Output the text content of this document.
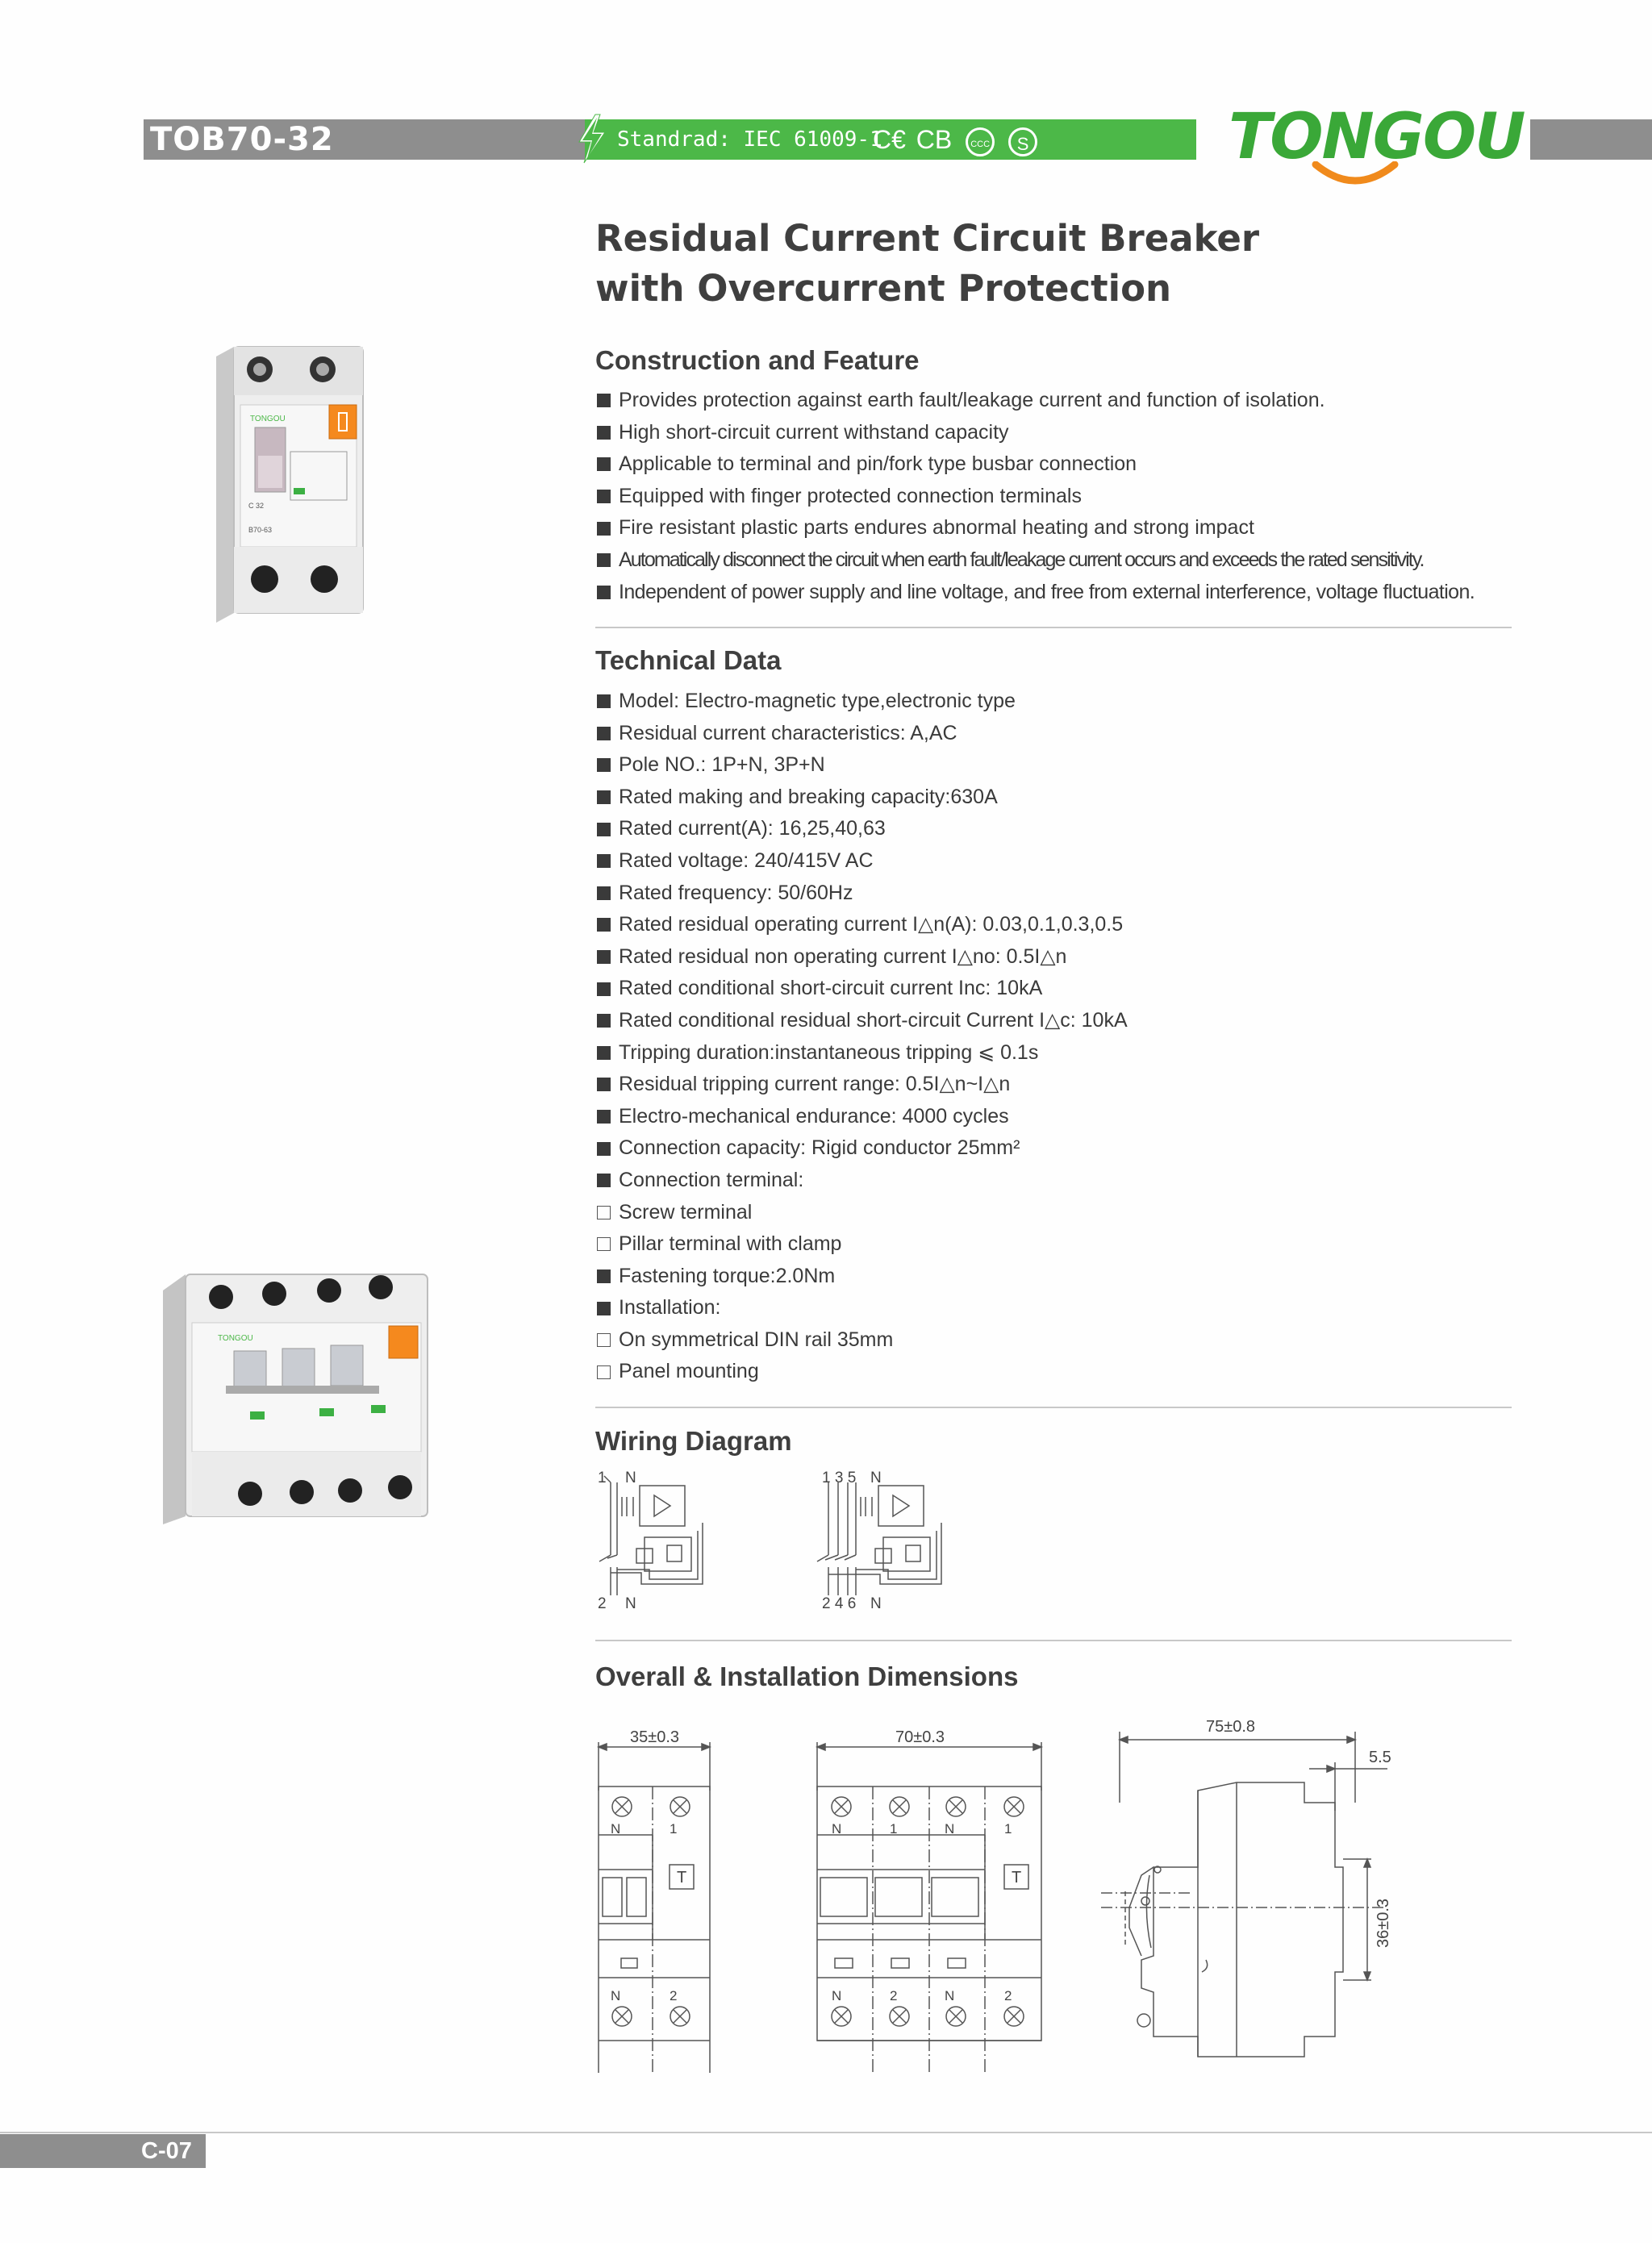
TOB70-32	Standrad: IEC 61009-1
C€ CB CCC S	TONGOU
Residual Current Circuit Breaker
with Overcurrent Protection
TONGOU
C 32
B70-63
TONGOU
Construction and Feature
Provides protection against earth fault/leakage current and function of isolation.
High short-circuit current withstand capacity
Applicable to terminal and pin/fork type busbar connection
Equipped with finger protected connection terminals
Fire resistant plastic parts endures abnormal heating and strong impact
Automatically disconnect the circuit when earth fault/leakage current occurs and exceeds the rated sensitivity.
Independent of power supply and line voltage, and free from external interference, voltage fluctuation.
Technical Data
Model: Electro-magnetic type,electronic type
Residual current characteristics: A,AC
Pole NO.: 1P+N, 3P+N
Rated making and breaking capacity:630A
Rated current(A): 16,25,40,63
Rated voltage: 240/415V AC
Rated frequency: 50/60Hz
Rated residual operating current I△n(A): 0.03,0.1,0.3,0.5
Rated residual non operating current I△no: 0.5I△n
Rated conditional short-circuit current Inc: 10kA
Rated conditional residual short-circuit Current I△c: 10kA
Tripping duration:instantaneous tripping ⩽ 0.1s
Residual tripping current range: 0.5I△n~I△n
Electro-mechanical endurance: 4000 cycles
Connection capacity: Rigid conductor 25mm²
Connection terminal:
Screw terminal
Pillar terminal with clamp
Fastening torque:2.0Nm
Installation:
On symmetrical DIN rail 35mm
Panel mounting
Wiring Diagram
1 N
2 N
1 3 5 N
2 4 6 N
Overall & Installation Dimensions
35±0.3
N	1
T
N	2
70±0.3
N	1	N	1
T
N	2	N	2
75±0.8
5.5
36±0.3
C-07
